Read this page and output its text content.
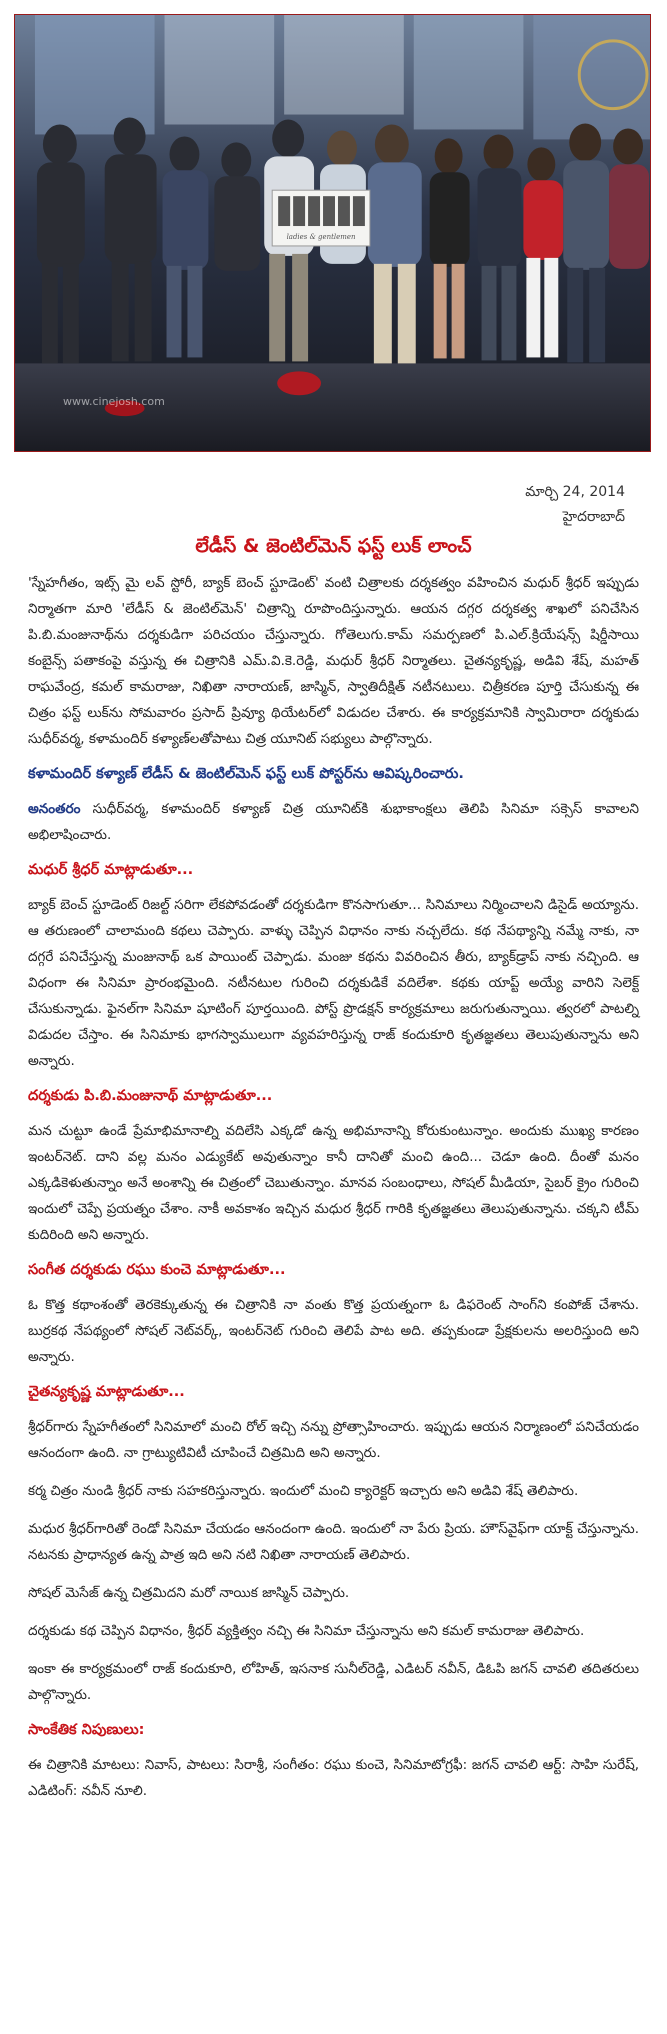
ladies & gentlemen
www.cinejosh.com
మార్చి 24, 2014
హైదరాబాద్
లేడీస్ & జెంటిల్‌మెన్ ఫస్ట్ లుక్ లాంచ్

'స్నేహగీతం, ఇట్స్ మై లవ్ స్టోరీ, బ్యాక్ బెంచ్ స్టూడెంట్' వంటి చిత్రాలకు దర్శకత్వం వహించిన మధుర్ శ్రీధర్ ఇప్పుడు నిర్మాతగా మారి 'లేడీస్ & జెంటిల్‌మెన్' చిత్రాన్ని రూపొందిస్తున్నారు. ఆయన దగ్గర దర్శకత్వ శాఖలో పనిచేసిన పి.బి.మంజునాథ్‌ను దర్శకుడిగా పరిచయం చేస్తున్నారు. గోతెలుగు.కామ్ సమర్పణలో పి.ఎల్.క్రియేషన్స్ షిర్డీసాయి కంబైన్స్ పతాకంపై వస్తున్న ఈ చిత్రానికి ఎమ్.వి.కె.రెడ్డి, మధుర్ శ్రీధర్ నిర్మాతలు. చైతన్యకృష్ణ, అడివి శేష్, మహత్ రాఘవేంద్ర, కమల్ కామరాజు, నిఖితా నారాయణ్, జాస్మిన్, స్వాతిదీక్షిత్ నటీనటులు. చిత్రీకరణ పూర్తి చేసుకున్న ఈ చిత్రం ఫస్ట్ లుక్‌ను సోమవారం ప్రసాద్ ప్రివ్యూ థియేటర్‌లో విడుదల చేశారు. ఈ కార్యక్రమానికి స్వామిరారా దర్శకుడు సుధీర్‌వర్మ, కళామందిర్ కళ్యాణ్‌లతోపాటు చిత్ర యూనిట్ సభ్యులు పాల్గొన్నారు.

కళామందిర్ కళ్యాణ్ లేడీస్ & జెంటిల్‌మెన్ ఫస్ట్ లుక్ పోస్టర్‌ను ఆవిష్కరించారు.

అనంతరం సుధీర్‌వర్మ, కళామందిర్ కళ్యాణ్ చిత్ర యూనిట్‌కి శుభాకాంక్షలు తెలిపి సినిమా సక్సెస్ కావాలని అభిలాషించారు.

మధుర్ శ్రీధర్ మాట్లాడుతూ...

బ్యాక్ బెంచ్ స్టూడెంట్ రిజల్ట్ సరిగా లేకపోవడంతో దర్శకుడిగా కొనసాగుతూ... సినిమాలు నిర్మించాలని డిసైడ్ అయ్యాను. ఆ తరుణంలో చాలామంది కథలు చెప్పారు. వాళ్ళు చెప్పిన విధానం నాకు నచ్చలేదు. కథ నేపథ్యాన్ని నమ్మే నాకు, నా దగ్గరే పనిచేస్తున్న మంజునాథ్ ఒక పాయింట్ చెప్పాడు. మంజు కథను వివరించిన తీరు, బ్యాక్‌డ్రాప్ నాకు నచ్చింది. ఆ విధంగా ఈ సినిమా ప్రారంభమైంది. నటీనటుల గురించి దర్శకుడికే వదిలేశా. కథకు యాప్ట్ అయ్యే వారిని సెలెక్ట్ చేసుకున్నాడు. ఫైనల్‌గా సినిమా షూటింగ్ పూర్తయింది. పోస్ట్ ప్రొడక్షన్ కార్యక్రమాలు జరుగుతున్నాయి. త్వరలో పాటల్ని విడుదల చేస్తాం. ఈ సినిమాకు భాగస్వాములుగా వ్యవహరిస్తున్న రాజ్ కందుకూరి కృతజ్ఞతలు తెలుపుతున్నాను అని అన్నారు.

దర్శకుడు పి.బి.మంజునాథ్ మాట్లాడుతూ...

మన చుట్టూ ఉండే ప్రేమాభిమానాల్ని వదిలేసి ఎక్కడో ఉన్న అభిమానాన్ని కోరుకుంటున్నాం. అందుకు ముఖ్య కారణం ఇంటర్‌నెట్. దాని వల్ల మనం ఎడ్యుకేట్ అవుతున్నాం కానీ దానితో మంచి ఉంది... చెడూ ఉంది. దీంతో మనం ఎక్కడికెళుతున్నాం అనే అంశాన్ని ఈ చిత్రంలో చెబుతున్నాం. మానవ సంబంధాలు, సోషల్ మీడియా, సైబర్ క్రైం గురించి ఇందులో చెప్పే ప్రయత్నం చేశాం. నాకీ అవకాశం ఇచ్చిన మధుర శ్రీధర్ గారికి కృతజ్ఞతలు తెలుపుతున్నాను. చక్కని టీమ్ కుదిరింది అని అన్నారు.

సంగీత దర్శకుడు రఘు కుంచె మాట్లాడుతూ...

ఓ కొత్త కథాంశంతో తెరకెక్కుతున్న ఈ చిత్రానికి నా వంతు కొత్త ప్రయత్నంగా ఓ డిఫరెంట్ సాంగ్‌ని కంపోజ్ చేశాను. బుర్రకథ నేపథ్యంలో సోషల్ నెట్‌వర్క్, ఇంటర్‌నెట్ గురించి తెలిపే పాట అది. తప్పకుండా ప్రేక్షకులను అలరిస్తుంది అని అన్నారు.

చైతన్యకృష్ణ మాట్లాడుతూ...

శ్రీధర్‌గారు స్నేహగీతంలో సినిమాలో మంచి రోల్ ఇచ్చి నన్ను ప్రోత్సాహించారు. ఇప్పుడు ఆయన నిర్మాణంలో పనిచేయడం ఆనందంగా ఉంది. నా గ్రాట్యుటివిటీ చూపించే చిత్రమిది అని అన్నారు.

కర్మ చిత్రం నుండి శ్రీధర్ నాకు సహకరిస్తున్నారు. ఇందులో మంచి క్యారెక్టర్ ఇచ్చారు అని అడివి శేష్ తెలిపారు.

మధుర శ్రీధర్‌గారితో రెండో సినిమా చేయడం ఆనందంగా ఉంది. ఇందులో నా పేరు ప్రియ. హౌస్‌వైఫ్‌గా యాక్ట్ చేస్తున్నాను. నటనకు ప్రాధాన్యత ఉన్న పాత్ర ఇది అని నటి నిఖితా నారాయణ్ తెలిపారు.

సోషల్ మెసేజ్ ఉన్న చిత్రమిదని మరో నాయిక జాస్మిన్ చెప్పారు.

దర్శకుడు కథ చెప్పిన విధానం, శ్రీధర్ వ్యక్తిత్వం నచ్చి ఈ సినిమా చేస్తున్నాను అని కమల్ కామరాజు తెలిపారు.

ఇంకా ఈ కార్యక్రమంలో రాజ్ కందుకూరి, లోహిత్, ఇసనాక సునీల్‌రెడ్డి, ఎడిటర్ నవీన్, డిఓపి జగన్ చావలి తదితరులు పాల్గొన్నారు.

సాంకేతిక నిపుణులు:

ఈ చిత్రానికి మాటలు: నివాస్, పాటలు: సిరాశ్రీ, సంగీతం: రఘు కుంచె, సినిమాటోగ్రఫీ: జగన్ చావలి ఆర్ట్: సాహి సురేష్, ఎడిటింగ్: నవీన్ నూలి.
